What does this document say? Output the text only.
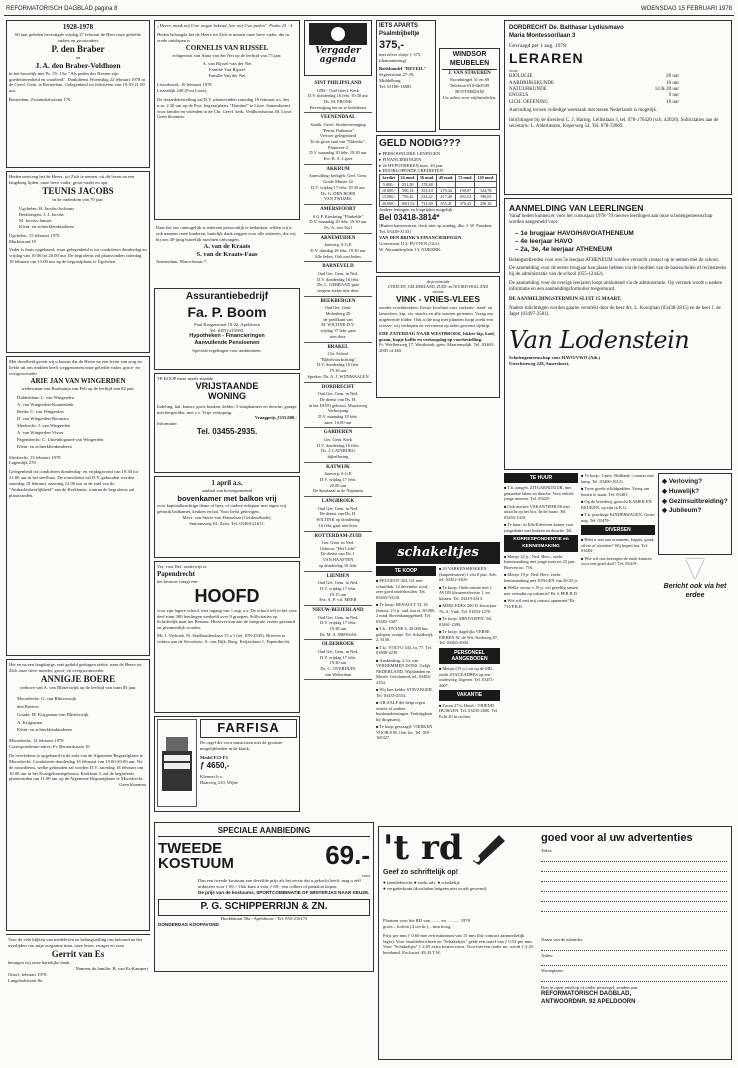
REFORMATORISCH DAGBLAD pagina 8	WOENSDAG 15 FEBRUARI 1978
1928-1978

60 jaar geleden bevestigde vrijdag 27 februari de Heer onze geliefde ouders en grootouders

P. den Braber
en
J. A. den Braber-Voldhoen

in het huwelijk met Ps. 55: 15a: "Als paden des Heeren zijn goedertierenheid en waarheid". Dankdienst Woensdag 22 februari 1978 in de Geref. Gem. te Rotterdam. Gelegenheid tot feliciteren van 19.30-21.00 uur.

Rotterdam, Zwaanshalsstraat 176.

Heden ontvieng het de Heere, tot Zich te nemen, uit dit leven na een langdurig lijden, onze lieve vader, groot-vader en opa

TEUNIS JACOBS
in de ouderdom van 79 jaar.

Ugchelen: B. Jacobs-Jochems
Beekbergen: J. J. Jacobs
M. Jacobs-Jansen
Klein- en achterkleinkinderen

Ugchelen, 15 februari 1978
Marktstraat 19

Vader is thuis opgebaard, waar gelegenheid is tot condoleren donderdag en vrijdag van 19.00 tot 20.00 uur. De begrafenis zal plaatsvinden zaterdag 18 februari om 13.00 uur op de begraafplaats te Ugchelen.

Met droefheid geven wij u kennis dat de Heere na een leven van zorg en liefde uit ons midden heeft weggenomen onze geliefde vader, groot- en overgrootvader

ARIE JAN VAN WINGERDEN

weduwnaar van Barthanija van Pelt op de leeftijd van 84 jaar.

Dubbeldam: L. van Wingerden
A. van Wingerden-Kraaiedonk
Breda: C. van Wingerden
D. van Wingerden-Boonstra
Sliedrecht: J. van Wingerden
A. van Wingerden-Visser
Papendrecht: C. Uittenbogaard-van Wingerden
Klein- en achterkleinkinderen

Sliedrecht, 13 februari 1978
Lagendijk 278

Gelegenheid tot condoleren donderdag- en vrijdagavond van 19.30 tot 21.00 uur in het sterfhuis. De rouwdienst zal D.V. gehouden worden zaterdag 18 februari, aanvang 12.00 uur in de zaal van de "Ambachtsheerlijkheid" aan de Kerkbuurt, waarna de begrafenis zal plaatsvinden.

Het en na een langdurige, met geduld gedragen ziekte, nam de Heere tot Zich onze lieve moeder, groot- en overgrootmoeder

ANNIGJE BOERE

weduwe van A. van Blitterswijk op de leeftijd van ruim 85 jaar.

Moordrecht: G. van Blitterswijk
den Boeters
Gouda: M. Krijgsman-van Blitterswijk
A. Krijgsman
Klein- en achterkleinkinderen

Moordrecht, 14 februari 1978
Correspondentie-adres: Fr. Bernardstraat 16

De overledene is opgebaard in de aula van de Algemene Begraafplaats te Moordrecht. Condoleren donderdag 16 februari van 19.00-20.00 uur. Na de rouwdienst, welke gehouden zal worden D.V. zaterdag 18 februari om 10.00 uur in het Evangelisatiegebouw, Kerklaan 3, zal de begrafenis plaatsvinden om 11.00 uur op de Algemene Begraafplaats te Moordrecht.

Geen bloemen.

Voor de vele blijken van medeleven en belangstelling ons betoond na het overlijden van mijn zorgzame man, onze broer, zwager en oom

Gerrit van Es

betuigen wij onze hartelijke dank.

Namens de familie: B. van Es-Kampert

Ottorf, februari 1978.
Langeholtstraat 8a.

„Heere, maak mij Uwe wegen bekend, leer mij Uwe paden". Psalm 25 : 4

Heden behaagde het de Heere tot Zich te nemen onze lieve vader, die in vrede ontslapen is

CORNELIS VAN RIJSSEL

echtgenoot van Anna van der Net op de leeftijd van 73 jaar.

A. van Rijssel-van der Net
Familie Van Rijssel
Familie Van der Net

Lisserbroek, 16 februari 1978
Lisserdijk 248 (Post Lisse).

De teraardebestelling zal D.V. plaatsvinden zaterdag 18 februari a.s. des n.m. 2.30 uur op de Prot. begraafplaats "Duinhof" te Lisse. Samenkomst voor familie en vrienden in de Chr. Geref. kerk, Veldhorststraat 40, Lisse.

Geen bloemen.

Daar het ons onmogelijk is iedereen persoonlijk te bedanken, willen wij u, ook namens onze kinderen, hartelijk dank zeggen voor alle attenties, die wij bij ons 40-jarig huwelijk mochten ontvangen.

A. van de Kraats
S. van de Kraats-Faas

Amsterdam, Marcelstraat 7.

Assurantiebedrijf
Fa. P. Boom

Paul Krugerstraat 18-22, Apeldoorn
Tel. (055)-215993.

Hypotheken - Financieringen
Aanvullende Pensioenen

Speciale regelingen voor ambtenaren.

TE KOOP meer maals staande
VRIJSTAANDE
WONING

Indeling: hal, kamer, grote keuken, kelder, 5 slaapkamers en douche, garage met bergzolder, met c.v. Vrije verkoping.

Vraagprijs ƒ235.000,-

Informatie:

Tel. 03455-2935.
1 april a.s.
aanbod van bovengenoemd
bovenkamer met balkon vrij

voor kapitaalkrachtige dame of heer, of oudere echtpaar met eigen vrij gebruik badkamer, keuken en hal. Voor liefst gelovigen.

Mevr. van Sterre-van Donselaar (Geldersekade),
Stationsweg 63, Zeist. Tel. 03404-21611.

Ver. voor Ref. onderwijs te
Papendrecht
het bestuur vraagt een
HOOFD

voor zijn lagere school, met ingang van 1 aug. a.s. De school telt in het voor deel ruim 300 leerlingen verdeeld over 9 groepen. Sollicitaties op Schriftelijk naar het Bestuur. Hierover kan aan de integrale verder gestuurd en gezamenlijk worden.

Mr. J. Verhoek, Pr. Stadhouderslaan 15 a 1 (tel. 078-3345). Brieven te richten aan de Secretaris: A. van Dijk, Burg. Keijzerlaan 1, Papendrecht.

FARFISA

De orgel die voor musicisten met de grootste mogelijkheden in de klank.

Model F23-F3

ƒ 4650,-

Klemert b.v.
Haarweg 210, Wijhe

SPECIALE AANBIEDING
TWEEDE
KOSTUUM	69.-
voor

Dan een tweede kostuum van dezelfde prijs als het eerste dat u gekocht heeft, mag u zelf uitkiezen voor ƒ 69,-. Ook kunt u voor ƒ 69,- een colbert of pantalon kopen.

De prijs van de kostuums, SPORTCOMBINATIE OF WINTERJAS NAAR KEUZE.

P. G. SCHIPPERRIJN & ZN.
Hoofdstraat 50a - Apeldoorn - Tel. 055-216173
DONDERDAG KOOPAVOND
Vergader agenda
SINT PHILIPSLAND
GBS - Oud Geref. Kerk
D.V. donderdag 16 febr. 19.30 uur
Ds. M. PRONK
Bevestiging ten en te kerkdienst
VEENENDAAL
Staatk. Geref. Studievereniging "Petrus Dathenus"
Vervoer gelegenheid
Te de grote zaal van "Elthetho", Pluimvee 2
D.V. maandag 20 febr. 19.30 uur
Evt. R. A. Lijzer
AKKRUM
Aanvulling: kerkgeb. Gerf. Gem.
Goule Minste 24
D.V. vrijdag 17 febr. 19.30 uur
Ds. G. DEN BOER
VAN TWIJZEL
AMERSFOORT
S.G.P. Kieskring "Flinkelde"
D.V. maandag 20 febr. 19.30 uur
Ds. A. van Tuyl
ARNEMUIDEN
Jaarverg. S.G.P.
D.V. dinsdag 28 febr. 19.30 uur
Alle leden. Ook niet leden.
BARNEVELD
Oud Ger. Gem. in Ned.
D.V. donderdag 16 febr.
Ds. L. GEBRAAD gaat
wegens ziekte niet door
BEEKBERGEN
Oud Ger. Gem.
Molenberg 20
de predikant van
M. WILTINK D.V.
vrijdag 17 febr. gaat
niet door
BRAKEL
Chr. School
"Bijbelvoorlichting"
D.V. donderdag 16 febr.
19.30 uur
Spreker: Ds. A. J. WIJNMAALEN
DORDRECHT
Oud Ger. Gem. in Ned.
De dienst van Ds. H.
in het DOJO gebouw, Maartsweg
Verkooping
D.V. maandag 18 febr.
aanv. 10.00 uur
GARDEREN
Ger. Gem. Kerk
D.V. donderdag 16 febr.
Ds. J. CATSBURG
bijbellezing
KATWIJK
Jaarverg. S.G.P.
D.V. vrijdag 17 febr.
20.00 uur
De Sportzaal in de Neptunus
LANGBROEK
Oud Ger. Gem. in Ned.
De dienst van Ds. H.
WILTINK op donderdag
16 febr. gaat niet door
ROTTERDAM-ZUID
Ger. Gem. in Ned.
Gebouw "Het Licht"
De dienst van Ds. J.
VAN HAAFTEN
op donderdag 16 febr.
LIENDEN
Oud Ger. Gem. in Ned.
D.V. vrijdag 17 febr.
19.15 uur
Evt. A. P. v.d. MEER
NIEUW-BEIJERLAND
Oud Ger. Gem. in Ned.
D.V. vrijdag 17 febr.
19.30 uur
Ds. M. A. MIESSAS
OLDEBROEK
Oud Ger. Gem. in Ned.
D.V. vrijdag 17 febr.
19.30 uur
Ds. C. OVERDUIN
van Wekerdam
IETS APARTS
Psalmbijbeltje
375,-

met zilver slotje ƒ 375,- (diamantering)

Boekhandel "REVEIL"

Segeerstraat 27-29, Middelburg
Tel. 01180-13885

WINDSOR
MEUBELEN
J. VAN STAVEREN

Noordsingel 51 en 69
Telefoon 010-662949
ROTTERDAM

Uw adres voor stijlmeubelen.

GELD NODIG???
▸ PERSOONLIJKE LENINGEN
▸ FINANCIERINGEN
▸ 2e HYPOTHEKEN max. 20 jaar
▸ DOORLOPENDE CREDIETEN
krediet	24 mnd.	36 mnd.	48 mnd.	72 mnd.	120 mnd.
5.000,-	251,50	178,48			
10.000,-	500,14	353,14	279,44	190,07	124,78
15.000,-	750,42	534,42	417,40	293,52	190,03
20.000,-	1001,52	712,40	555,41	376,43	250,16

Andere leningen en looptijden mogelijk.

Bel 03418-3814*

(Buiten kantooruren, doch niet op zondag, dhr. J. W. Franken. Tel. 03418-3133)

VAN DEN BRINK'S FINANCIERINGEN

Grotestraat 113, PUTTEN (Gld.)
W. Alexanderplein 13, NIJKERK.

de provinciale
UTRECHT, GELDERLAND, ZUID- en NOORD-HOLLAND
stevent

VINK - VRIES-VLEES

zonder vruchtkoeken. Eerste kwaliteit vars varkens-, rund- en lamsvlees, kip, vis, snacks en alle soorten groenten. Vraag ons uitgebreide folder. Ook u die nog met plannen loopt zoekt een vriezer, wij verkopen en vervoeren op ieder gewenst tijdstip.

EDE ZATERDAG NAAR WESTBROEK, lekker kip, kool, graan, kopje koffie en verkoopdag op voorbestelling.

Fr. Weiflenweg 17, Westbroek, gem. Maartensdijk. Tel. 03465-2005 of 465.

schakeltjes
TE KOOP
■ PEUGEOT 304, GL met schuifdak, 14 december rood, zeer goed onderhouden. Tel. 03403-53110.
■ Te koop: RENAULT TL 16 (bruin), 2½ jr. oud, km.st. 30.000, 2 mnd. Bovenkampgebied. Tel. 03482-3307.
■ T.k.: DYANE 6, 20.000 km gelopen, oranje. Tel. Schalkwijk 2, 6130.
■ T.k.: VOLVO 343, bj. 77. Tel. 01808-2239.
■ Aanbieding: 2 Gr. van VERNEMMEN DONS. Gelijk NEDERLAND, Wijnlanden en Moerb. Geschuimd, tel. 03484-2554.
■ Wij kun kelder STAVANGER. Tel. 03435-2554.
■ AR-ZALF die helpt tegen acnees of andere huidaandoeningen. Verkrijgbaar bij drogisterij.
■ Te koop gevraagd: VIERKEN VOOR 8 M. Ook los. Tel. 010-165327.
■ 20 VARKENSHOKKEN (kuipenhuizen) 1 t/m 8 jaar. Adv. tel. 03452-3309.
■ Te koop: Oude ruimte met 1 AVON kleurentelevisie 1, en binnen. Tel. 03419-2613.
■ MERCEDES 200 D. bouwjaar 76, A. Vink. Tel. 01854-1270.
■ Te koop: MINIVIJFEN. Tel. 03461-2390.
■ Te koop: dagelijks VERSE EIEREN W. de Wit, Kerkweg 87, Tel. 03465-2004.
PERSONEEL AANGEBODEN
■ Meisje (19 jr.) uit op de MIL. zoekt STAGEADRES op een ouderzorg, logeren. Tel. 03471-2607.
VAKANTIE
■ Zoom 27 b. Hotel - VRIEND HUISGEN. Tel. 03435-2600. Tel. Echt 20 in rechter.
DORDRECHT De. Balthasar Lydiusmavo
Maria Montessorilaan 3
Gevraagd per 1 aug. 1978:
LERAREN
voor:
BIOLOGIE	20 uur
AARDRIJKSKUNDE	16 uur
NATUURKUNDE	14 & 20 uur
ENGELS	9 uur
LICH. OEFENING	16 uur

Aanvulling tot een volledige weektaak met lessen Nederlands is mogelijk.

Inlichtingen bij de directeur C. J. Hartog, Cellistlaan 3, tel. 078-170420 (sch. 42020). Sollicitaties aan de secretaris: L. Alderliesten, Keperweg 54, Tel. 078-72069.

AANMELDING VAN LEERLINGEN

Vanaf heden kunnen er voor het cursusjaar 1978-'79 nieuwe leerlingen aan onze scholengemeenschap worden aangemeld voor:

– 1e brugjaar HAVO/HAVO/ATHENEUM
– 4e leerjaar HAVO
– 2a, 3e, 4e leerjaar ATHENEUM

Belangstellenden voor een 5e leerjaar ATHENEUM worden verzocht contact op te nemen met de school.

De aanmelding voor de eerste brugjaar kan plaats hebben via de hoofden van de basisscholen of rechtstreeks bij de administratie van de school (055-12442).

De aanmelding voor de overige leerjaren loopt uitsluitend via de administratie. Op verzoek wordt u nadere informatie en een aanmeldingsformulier toegestuurd.

DE AANMELDINGSTERMIJN SLUIT 15 MAART.

Nadere inlichtingen worden gaarne verstrekt door de heer drs. L. Kooijman (03438-2815) en de heer J. de Jager (03497-2581).

Van Lodenstein

Scholengemeenschap voor HAVO/VWO (Ath.)
Utrechtseweg 228, Amersfoort.

TE HUUR
■ T.h. aangeb. ZITGARNITUUR, met gemaakte laken en douche. Voor enkele jonge mensen. Tel. 03425-
■ Ook nieuwe VAKANTIEHUIS met uitzicht op het bos. In de buurt. Tel. 03455-1410.
■ Te huur: in Ede/Ederveen kamer voor jongedame met keuken en douche. Tel.
KORRESPONDENTIE en KENNISMAKING
■ Meisje 22 jr., Ned. Herv., zoekt kennismaking met jonge man tot 25 jaar. Brieven no. 716.
■ Meisje 19 jr. Ned. Herv. zoekt kennismaking met JONGEN van 20-25 jr.
■ Welke vrouw v.19 jr. wil gezellig samen met vriendin op vakantie? Br. 6 PER R.D.
■ Wie wil met mij contact opnemen? Br. 714 P.R.D.
■ Te koop: 1-pers. Bedbank + matras met lamp. Tel. 03400-10121.
■ Twee goede schildpadden. Vroeg om buiten te staan. Tel. 03481-
■ Op de boerderij, gezocht KAMER EN KEUKEN, op zijn in K.G.
■ T.k. prachtige KINDERWAGEN. Gezin nog. Tel. 03479-
DIVERSEN
■ Hebt u wat aan ornament, kopjes, goud, zilver of sieraden? Wij kopen het. Tel. 03484-
■ Wie wil ons bezorgen de oude kranten voor een goed doel? Tel. 03419-
◆ Verloving?
◆ Huwelijk?
◆ Gezinsuitbreiding?
◆ Jubileum?
Bericht ook via het erdee
't rd
Geef zo schriftelijk op!

● familiebericht ● zoekt adv. ● schakeltje
● vergaderkrant (doorhalen hetgeen niet wordt gewenst)

goed voor al uw advertenties
Tekst:

Plaatsen voor het RD van ........ en ........... 1978

groot... kolom (4 cm br.)... mm hoog.

Prijs per mm ƒ 0,60 met een minimum van 15 mm (bij contract aanmerkelijk lager). Voor familieberichten en "Schakeltjes" geldt een tarief van ƒ 0,53 per mm. Voor "Schakeltjes" ƒ 2,05 extra kosten extra. Voor brieven onder no. wordt ƒ 2,25 berekend. Exclusief 4% B.T.W.

Naam van de afzender:
Adres:
Woonplaats:

Bon in open envelop of onder postzegel, zenden aan:

REFORMATORISCH DAGBLAD,
ANTWOORDNR. 92 APELDOORN
